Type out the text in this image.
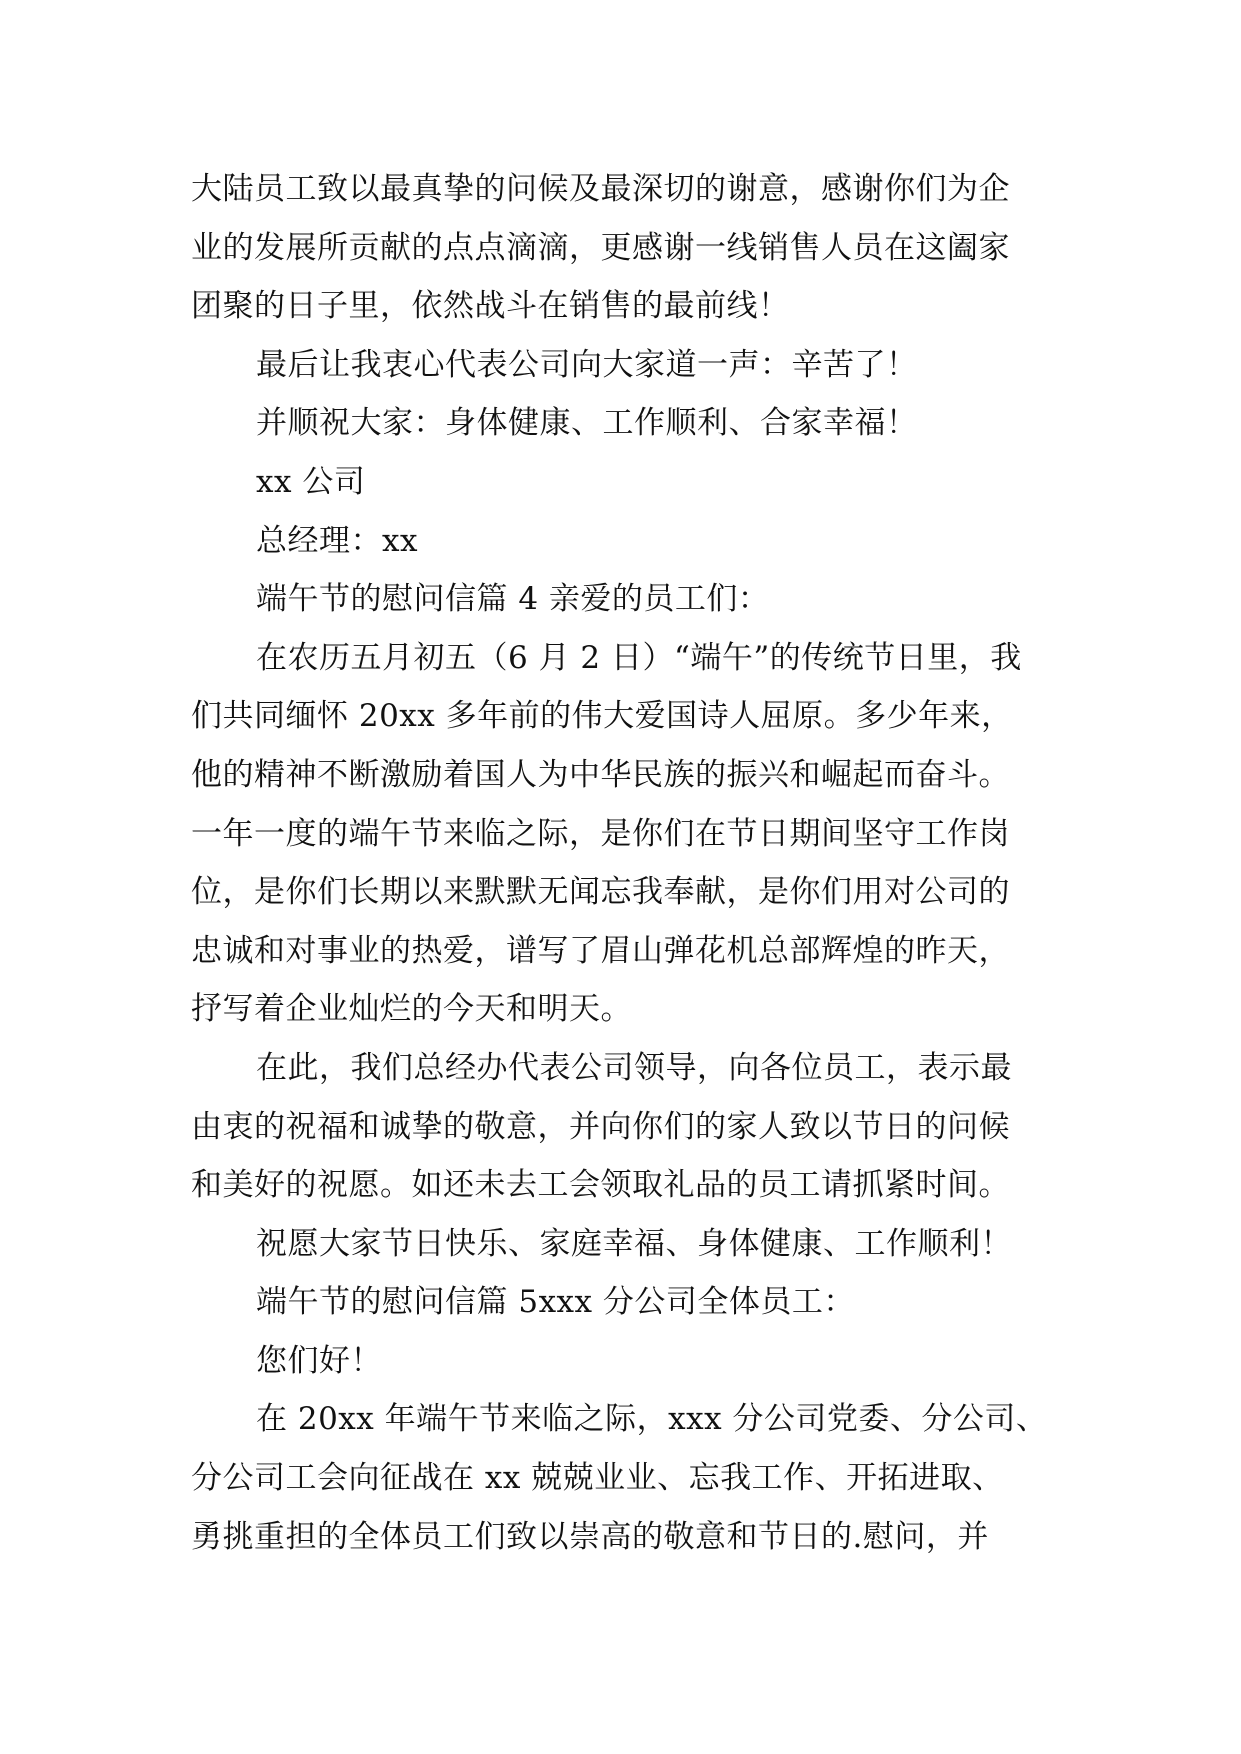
大陆员工致以最真挚的问候及最深切的谢意，感谢你们为企
业的发展所贡献的点点滴滴，更感谢一线销售人员在这阖家
团聚的日子里，依然战斗在销售的最前线！
最后让我衷心代表公司向大家道一声：辛苦了！
并顺祝大家：身体健康、工作顺利、合家幸福！
xx 公司
总经理：xx
端午节的慰问信篇 4 亲爱的员工们：
在农历五月初五（6 月 2 日）“端午”的传统节日里，我
们共同缅怀 20xx 多年前的伟大爱国诗人屈原。多少年来，
他的精神不断激励着国人为中华民族的振兴和崛起而奋斗。
一年一度的端午节来临之际，是你们在节日期间坚守工作岗
位，是你们长期以来默默无闻忘我奉献，是你们用对公司的
忠诚和对事业的热爱，谱写了眉山弹花机总部辉煌的昨天，
抒写着企业灿烂的今天和明天。
在此，我们总经办代表公司领导，向各位员工，表示最
由衷的祝福和诚挚的敬意，并向你们的家人致以节日的问候
和美好的祝愿。如还未去工会领取礼品的员工请抓紧时间。
祝愿大家节日快乐、家庭幸福、身体健康、工作顺利！
端午节的慰问信篇 5xxx 分公司全体员工：
您们好！
在 20xx 年端午节来临之际，xxx 分公司党委、分公司、
分公司工会向征战在 xx 兢兢业业、忘我工作、开拓进取、
勇挑重担的全体员工们致以崇高的敬意和节日的.慰问，并
